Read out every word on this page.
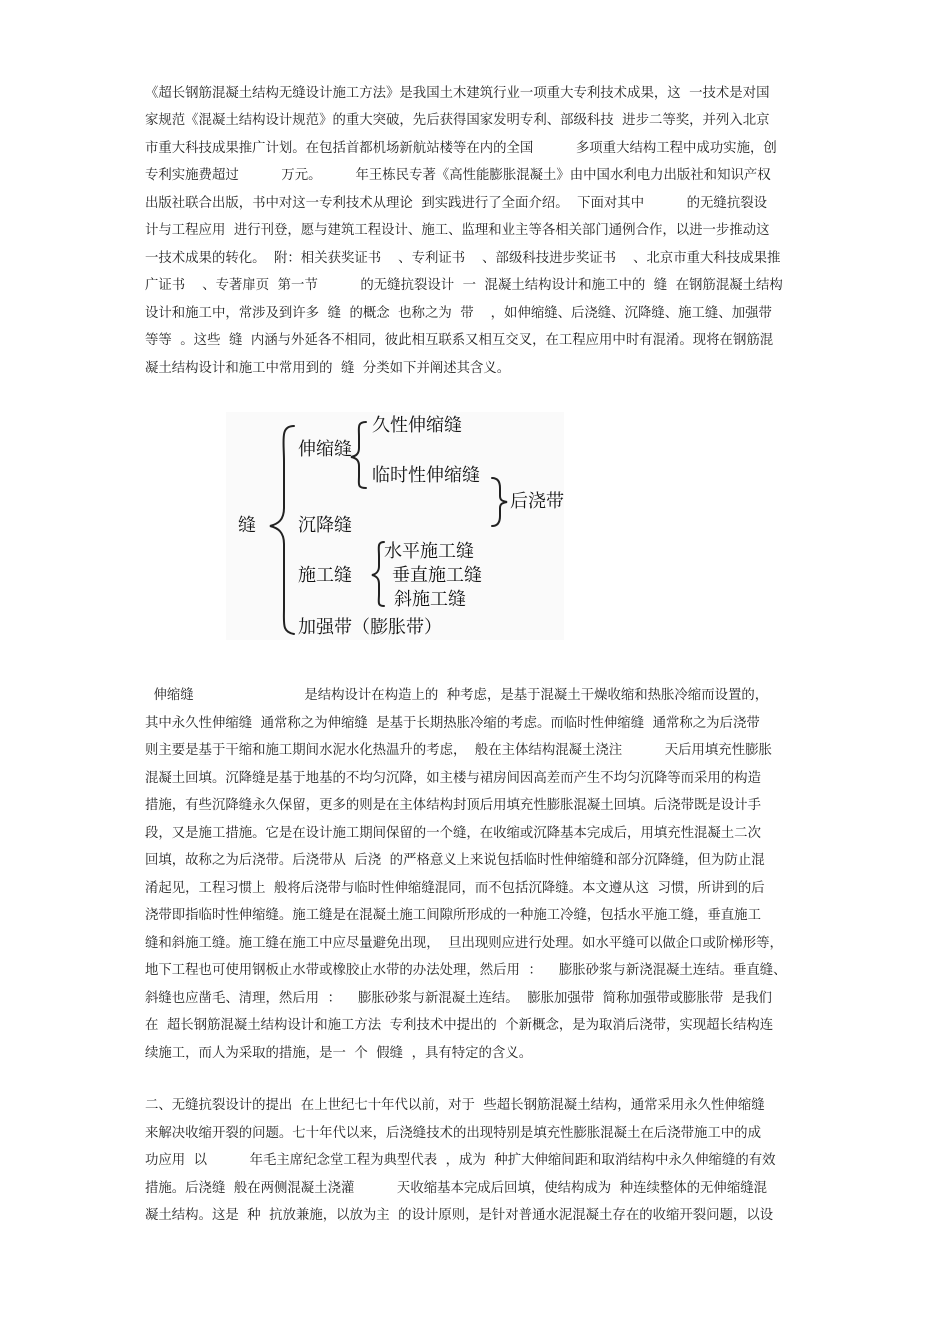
《超长钢筋混凝土结构无缝设计施工方法》是我国土木建筑行业一项重大专利技术成果，这  一技术是对国
家规范《混凝土结构设计规范》的重大突破，先后获得国家发明专利、部级科技  进步二等奖，并列入北京
市重大科技成果推广计划。在包括首都机场新航站楼等在内的全国          多项重大结构工程中成功实施，创
专利实施费超过          万元。        年王栋民专著《高性能膨胀混凝土》由中国水利电力出版社和知识产权
出版社联合出版，书中对这一专利技术从理论  到实践进行了全面介绍。  下面对其中          的无缝抗裂设
计与工程应用  进行刊登，愿与建筑工程设计、施工、监理和业主等各相关部门通例合作，以进一步推动这
一技术成果的转化。  附：相关获奖证书    、专利证书    、部级科技进步奖证书    、北京市重大科技成果推
广证书    、专著扉页  第一节          的无缝抗裂设计  一  混凝土结构设计和施工中的  缝  在钢筋混凝土结构
设计和施工中，常涉及到许多  缝  的概念  也称之为  带    ，如伸缩缝、后浇缝、沉降缝、施工缝、加强带
等等  。这些  缝  内涵与外延各不相同，彼此相互联系又相互交叉，在工程应用中时有混淆。现将在钢筋混
凝土结构设计和施工中常用到的  缝  分类如下并阐述其含义。
缝
伸缩缝
久性伸缩缝
临时性伸缩缝
后浇带
沉降缝
水平施工缝
施工缝 垂直施工缝
斜施工缝
加强带（膨胀带）
伸缩缝                          是结构设计在构造上的  种考虑，是基于混凝土干燥收缩和热胀冷缩而设置的，
其中永久性伸缩缝  通常称之为伸缩缝  是基于长期热胀冷缩的考虑。而临时性伸缩缝  通常称之为后浇带
则主要是基于干缩和施工期间水泥水化热温升的考虑，  般在主体结构混凝土浇注          天后用填充性膨胀
混凝土回填。沉降缝是基于地基的不均匀沉降，如主楼与裙房间因高差而产生不均匀沉降等而采用的构造
措施，有些沉降缝永久保留，更多的则是在主体结构封顶后用填充性膨胀混凝土回填。后浇带既是设计手
段，又是施工措施。它是在设计施工期间保留的一个缝，在收缩或沉降基本完成后，用填充性混凝土二次
回填，故称之为后浇带。后浇带从  后浇  的严格意义上来说包括临时性伸缩缝和部分沉降缝，但为防止混
淆起见，工程习惯上  般将后浇带与临时性伸缩缝混同，而不包括沉降缝。本文遵从这  习惯，所讲到的后
浇带即指临时性伸缩缝。施工缝是在混凝土施工间隙所形成的一种施工冷缝，包括水平施工缝，垂直施工
缝和斜施工缝。施工缝在施工中应尽量避免出现，  旦出现则应进行处理。如水平缝可以做企口或阶梯形等，
地下工程也可使用钢板止水带或橡胶止水带的办法处理，然后用  ：    膨胀砂浆与新浇混凝土连结。垂直缝、
斜缝也应凿毛、清理，然后用  ：    膨胀砂浆与新混凝土连结。  膨胀加强带  简称加强带或膨胀带  是我们
在  超长钢筋混凝土结构设计和施工方法  专利技术中提出的  个新概念，是为取消后浇带，实现超长结构连
续施工，而人为采取的措施，是一  个  假缝  ，具有特定的含义。
二、无缝抗裂设计的提出  在上世纪七十年代以前，对于  些超长钢筋混凝土结构，通常采用永久性伸缩缝
来解决收缩开裂的问题。七十年代以来，后浇缝技术的出现特别是填充性膨胀混凝土在后浇带施工中的成
功应用  以          年毛主席纪念堂工程为典型代表  ，成为  种扩大伸缩间距和取消结构中永久伸缩缝的有效
措施。后浇缝  般在两侧混凝土浇灌          天收缩基本完成后回填，使结构成为  种连续整体的无伸缩缝混
凝土结构。这是  种  抗放兼施，以放为主  的设计原则，是针对普通水泥混凝土存在的收缩开裂问题，以设
